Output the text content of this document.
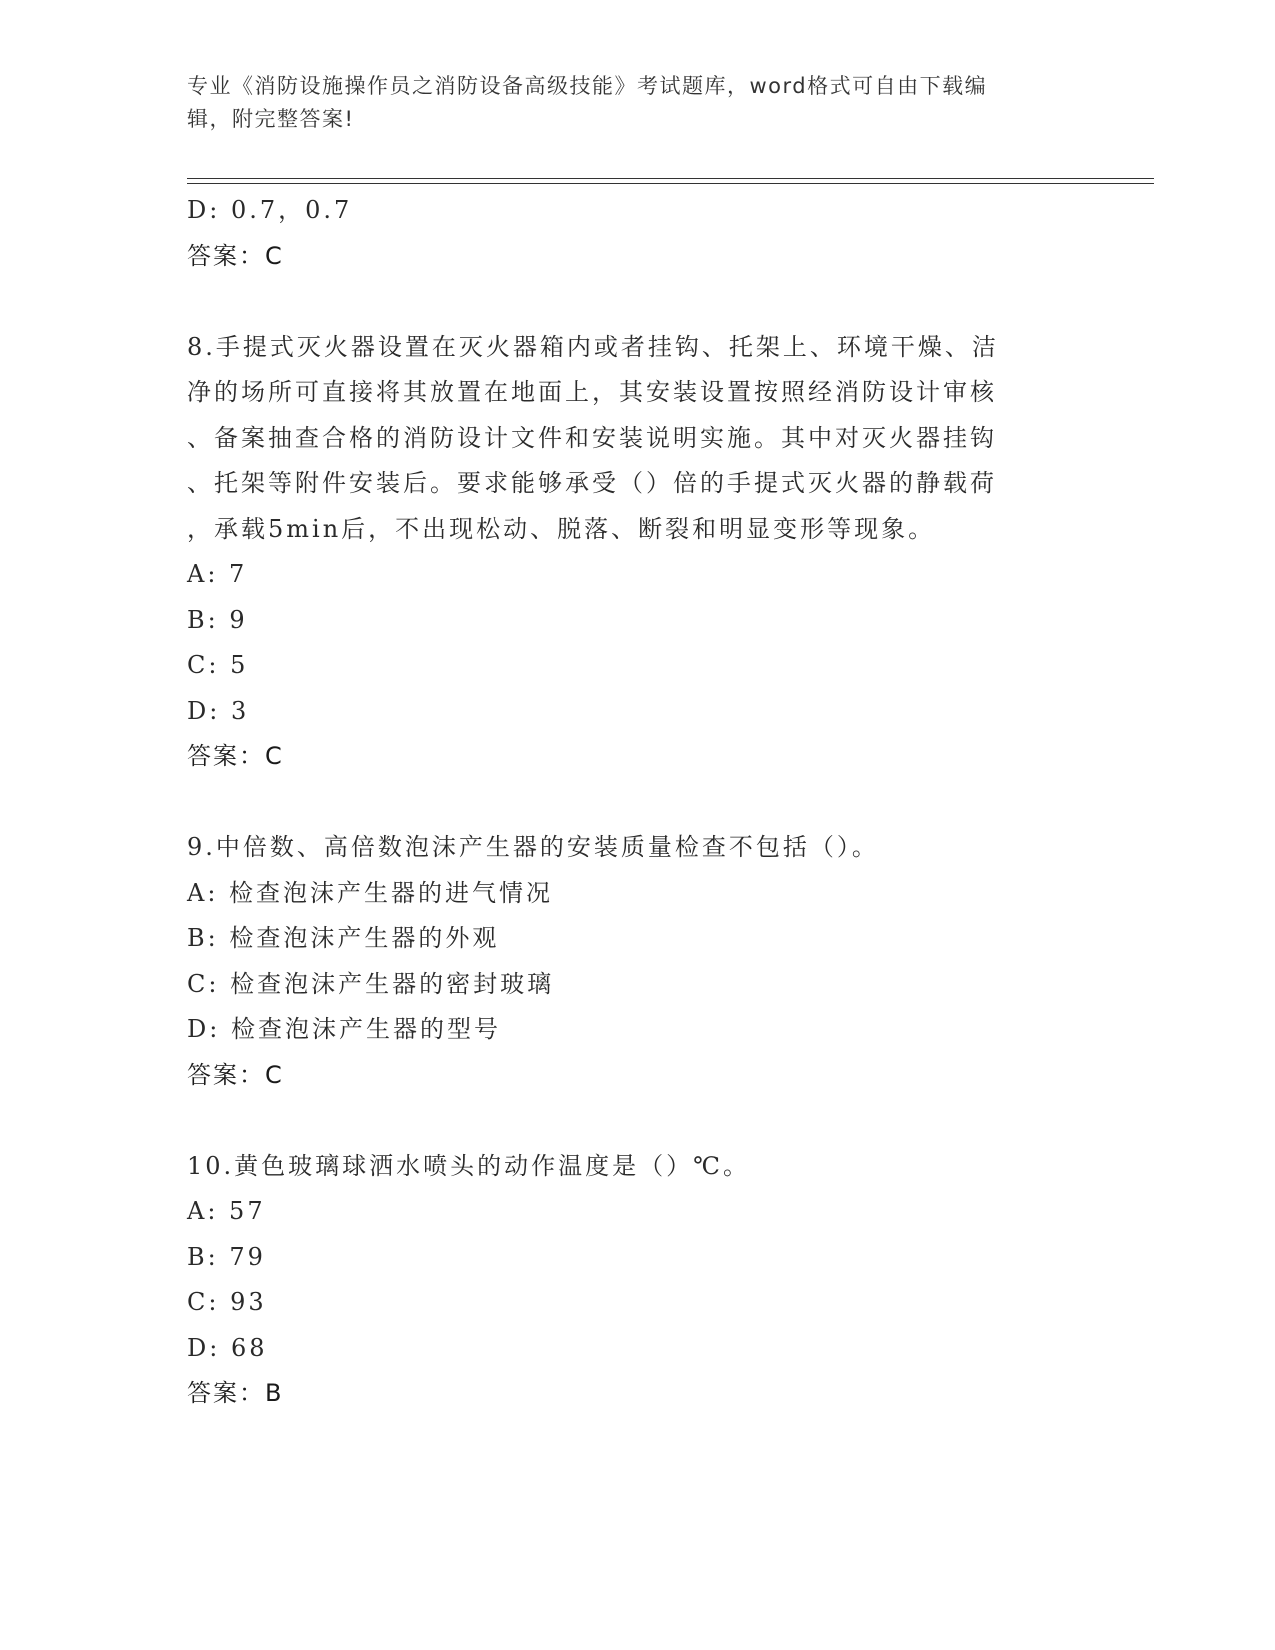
专业《消防设施操作员之消防设备高级技能》考试题库，word格式可自由下载编
辑，附完整答案!
D: 0.7，0.7
答案：C
8.手提式灭火器设置在灭火器箱内或者挂钩、托架上、环境干燥、洁
净的场所可直接将其放置在地面上，其安装设置按照经消防设计审核
、备案抽查合格的消防设计文件和安装说明实施。其中对灭火器挂钩
、托架等附件安装后。要求能够承受（）倍的手提式灭火器的静载荷
，承载5min后，不出现松动、脱落、断裂和明显变形等现象。
A: 7
B: 9
C: 5
D: 3
答案：C
9.中倍数、高倍数泡沫产生器的安装质量检查不包括（）。
A: 检查泡沫产生器的进气情况
B: 检查泡沫产生器的外观
C: 检查泡沫产生器的密封玻璃
D: 检查泡沫产生器的型号
答案：C
10.黄色玻璃球洒水喷头的动作温度是（）℃。
A: 57
B: 79
C: 93
D: 68
答案：B
